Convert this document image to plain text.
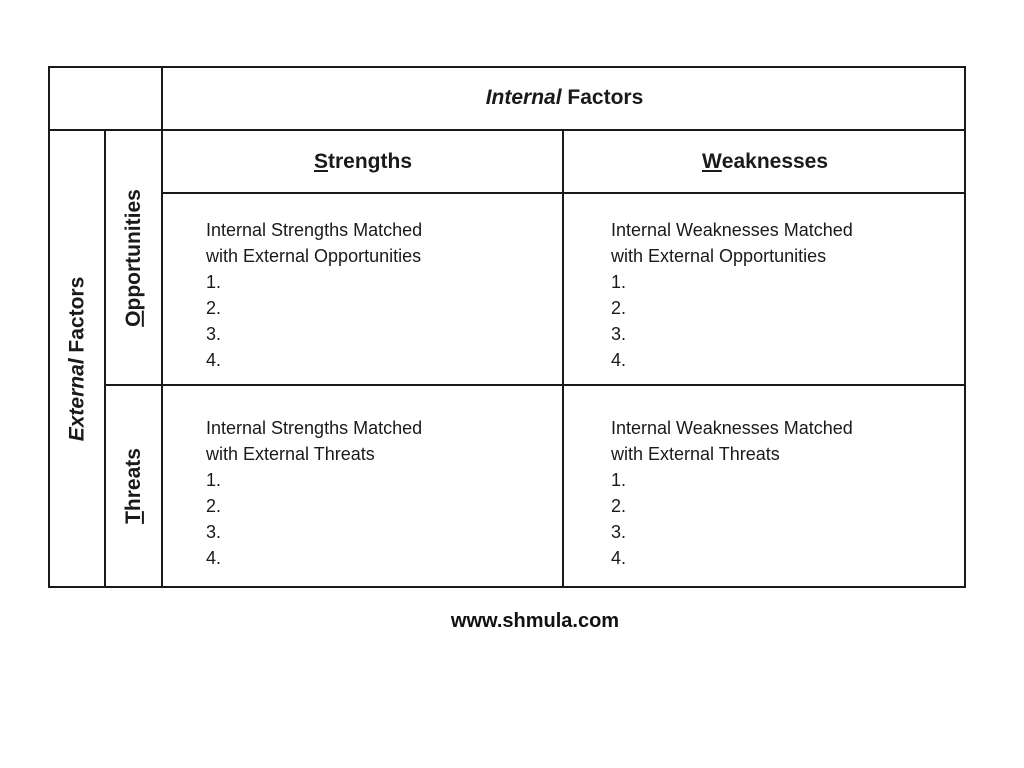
Internal Factors
S trengths	W eaknesses
External Factors Opportunities
Threats
Internal Strengths Matched
with External Opportunities
1.
2.
3.
4.
Internal Weaknesses Matched
with External Opportunities
1.
2.
3.
4.
Internal Strengths Matched
with External Threats
1.
2.
3.
4.
Internal Weaknesses Matched
with External Threats
1.
2.
3.
4.
www.shmula.com
